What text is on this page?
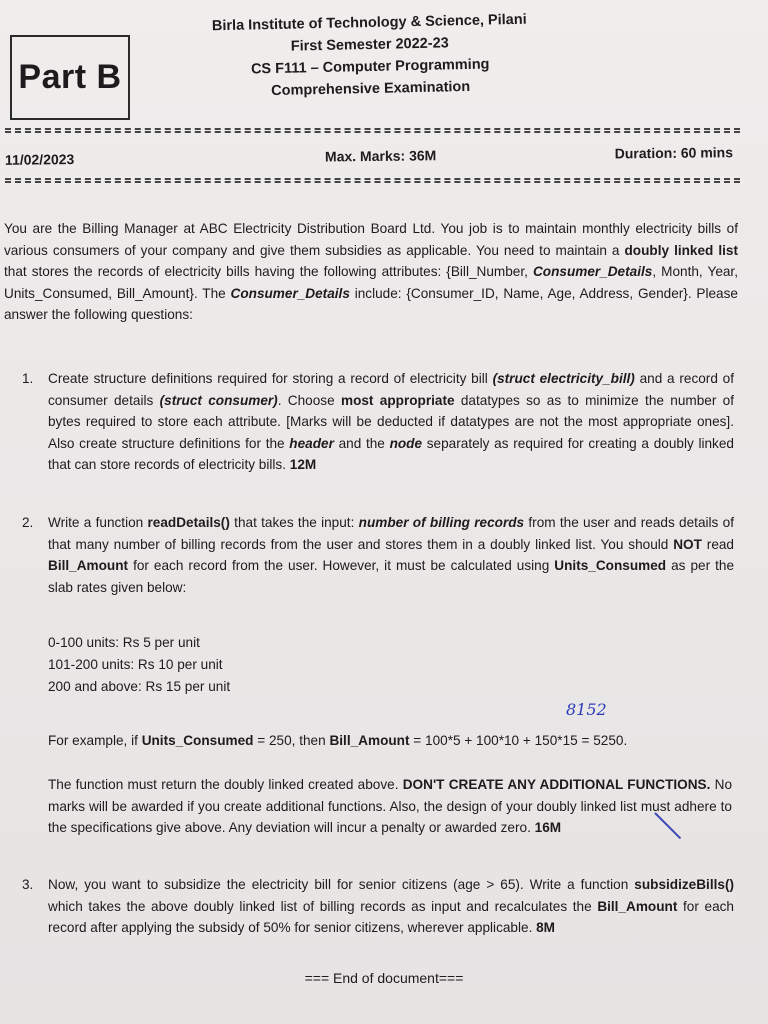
Part B
Birla Institute of Technology & Science, Pilani
First Semester 2022-23
CS F111 – Computer Programming
Comprehensive Examination
11/02/2023	Max. Marks: 36M	Duration: 60 mins
You are the Billing Manager at ABC Electricity Distribution Board Ltd. You job is to maintain monthly electricity bills of various consumers of your company and give them subsidies as applicable. You need to maintain a doubly linked list that stores the records of electricity bills having the following attributes: {Bill_Number, Consumer_Details, Month, Year, Units_Consumed, Bill_Amount}. The Consumer_Details include: {Consumer_ID, Name, Age, Address, Gender}. Please answer the following questions:
1. Create structure definitions required for storing a record of electricity bill (struct electricity_bill) and a record of consumer details (struct consumer). Choose most appropriate datatypes so as to minimize the number of bytes required to store each attribute. [Marks will be deducted if datatypes are not the most appropriate ones]. Also create structure definitions for the header and the node separately as required for creating a doubly linked that can store records of electricity bills. 12M
2. Write a function readDetails() that takes the input: number of billing records from the user and reads details of that many number of billing records from the user and stores them in a doubly linked list. You should NOT read Bill_Amount for each record from the user. However, it must be calculated using Units_Consumed as per the slab rates given below:
0-100 units: Rs 5 per unit
101-200 units: Rs 10 per unit
200 and above: Rs 15 per unit
8152
For example, if Units_Consumed = 250, then Bill_Amount = 100*5 + 100*10 + 150*15 = 5250.
The function must return the doubly linked created above. DON'T CREATE ANY ADDITIONAL FUNCTIONS. No marks will be awarded if you create additional functions. Also, the design of your doubly linked list must adhere to the specifications give above. Any deviation will incur a penalty or awarded zero. 16M
3. Now, you want to subsidize the electricity bill for senior citizens (age > 65). Write a function subsidizeBills() which takes the above doubly linked list of billing records as input and recalculates the Bill_Amount for each record after applying the subsidy of 50% for senior citizens, wherever applicable. 8M
=== End of document===
